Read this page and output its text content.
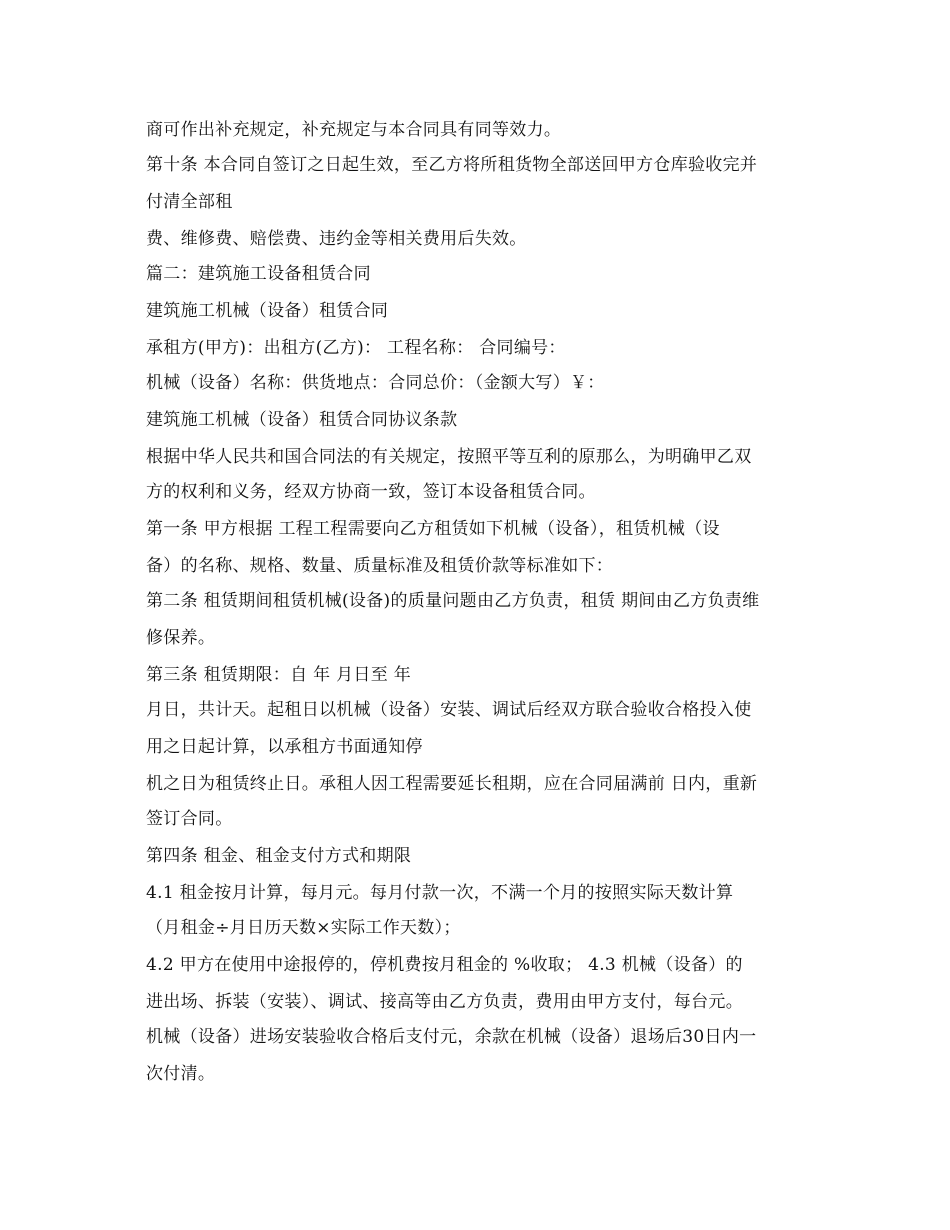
商可作出补充规定，补充规定与本合同具有同等效力。
第十条 本合同自签订之日起生效，至乙方将所租货物全部送回甲方仓库验收完并
付清全部租
费、维修费、赔偿费、违约金等相关费用后失效。
篇二：建筑施工设备租赁合同
建筑施工机械（设备）租赁合同
承租方(甲方)：出租方(乙方)： 工程名称： 合同编号：
机械（设备）名称：供货地点：合同总价：（金额大写）￥：
建筑施工机械（设备）租赁合同协议条款
根据中华人民共和国合同法的有关规定，按照平等互利的原那么，为明确甲乙双
方的权利和义务，经双方协商一致，签订本设备租赁合同。
第一条 甲方根据 工程工程需要向乙方租赁如下机械（设备），租赁机械（设
备）的名称、规格、数量、质量标准及租赁价款等标准如下：
第二条 租赁期间租赁机械(设备)的质量问题由乙方负责，租赁 期间由乙方负责维
修保养。
第三条 租赁期限：自 年 月日至 年
月日，共计天。起租日以机械（设备）安装、调试后经双方联合验收合格投入使
用之日起计算，以承租方书面通知停
机之日为租赁终止日。承租人因工程需要延长租期，应在合同届满前 日内，重新
签订合同。
第四条 租金、租金支付方式和期限
4.1 租金按月计算，每月元。每月付款一次，不满一个月的按照实际天数计算
（月租金÷月日历天数×实际工作天数）；
4.2 甲方在使用中途报停的，停机费按月租金的 %收取； 4.3 机械（设备）的
进出场、拆装（安装）、调试、接高等由乙方负责，费用由甲方支付，每台元。
机械（设备）进场安装验收合格后支付元，余款在机械（设备）退场后30日内一
次付清。
